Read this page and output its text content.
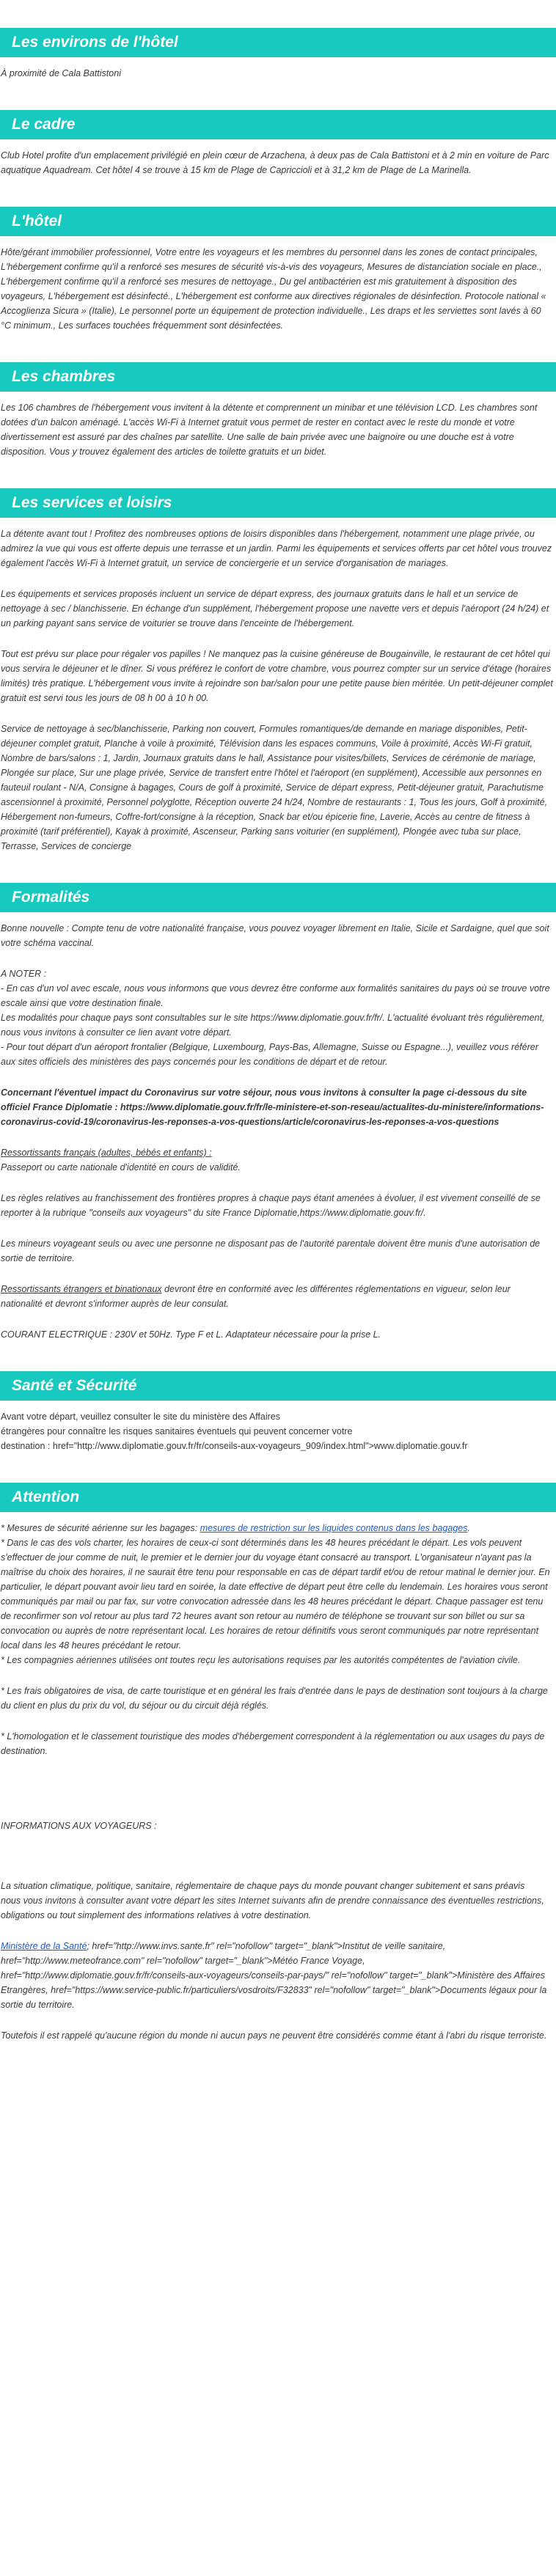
Les environs de l'hôtel

À proximité de Cala Battistoni

Le cadre

Club Hotel profite d'un emplacement privilégié en plein cœur de Arzachena, à deux pas de Cala Battistoni et à 2 min en voiture de Parc aquatique Aquadream. Cet hôtel 4 se trouve à 15 km de Plage de Capriccioli et à 31,2 km de Plage de La Marinella.

L'hôtel

Hôte/gérant immobilier professionnel, Votre entre les voyageurs et les membres du personnel dans les zones de contact principales, L'hébergement confirme qu'il a renforcé ses mesures de sécurité vis-à-vis des voyageurs, Mesures de distanciation sociale en place., L'hébergement confirme qu'il a renforcé ses mesures de nettoyage., Du gel antibactérien est mis gratuitement à disposition des voyageurs, L'hébergement est désinfecté., L'hébergement est conforme aux directives régionales de désinfection. Protocole national « Accoglienza Sicura » (Italie), Le personnel porte un équipement de protection individuelle., Les draps et les serviettes sont lavés à 60 °C minimum., Les surfaces touchées fréquemment sont désinfectées.

Les chambres

Les 106 chambres de l'hébergement vous invitent à la détente et comprennent un minibar et une télévision LCD. Les chambres sont dotées d'un balcon aménagé. L'accès Wi-Fi à Internet gratuit vous permet de rester en contact avec le reste du monde et votre divertissement est assuré par des chaînes par satellite. Une salle de bain privée avec une baignoire ou une douche est à votre disposition. Vous y trouvez également des articles de toilette gratuits et un bidet.

Les services et loisirs

La détente avant tout ! Profitez des nombreuses options de loisirs disponibles dans l'hébergement, notamment une plage privée, ou admirez la vue qui vous est offerte depuis une terrasse et un jardin. Parmi les équipements et services offerts par cet hôtel vous trouvez également l'accès Wi-Fi à Internet gratuit, un service de conciergerie et un service d'organisation de mariages.

Les équipements et services proposés incluent un service de départ express, des journaux gratuits dans le hall et un service de nettoyage à sec / blanchisserie. En échange d'un supplément, l'hébergement propose une navette vers et depuis l'aéroport (24 h/24) et un parking payant sans service de voiturier se trouve dans l'enceinte de l'hébergement.

Tout est prévu sur place pour régaler vos papilles ! Ne manquez pas la cuisine généreuse de Bougainville, le restaurant de cet hôtel qui vous servira le déjeuner et le dîner. Si vous préférez le confort de votre chambre, vous pourrez compter sur un service d'étage (horaires limités) très pratique. L'hébergement vous invite à rejoindre son bar/salon pour une petite pause bien méritée. Un petit-déjeuner complet gratuit est servi tous les jours de 08 h 00 à 10 h 00.

Service de nettoyage à sec/blanchisserie, Parking non couvert, Formules romantiques/de demande en mariage disponibles, Petit-déjeuner complet gratuit, Planche à voile à proximité, Télévision dans les espaces communs, Voile à proximité, Accès Wi-Fi gratuit, Nombre de bars/salons : 1, Jardin, Journaux gratuits dans le hall, Assistance pour visites/billets, Services de cérémonie de mariage, Plongée sur place, Sur une plage privée, Service de transfert entre l'hôtel et l'aéroport (en supplément), Accessible aux personnes en fauteuil roulant - N/A, Consigne à bagages, Cours de golf à proximité, Service de départ express, Petit-déjeuner gratuit, Parachutisme ascensionnel à proximité, Personnel polyglotte, Réception ouverte 24 h/24, Nombre de restaurants : 1, Tous les jours, Golf à proximité, Hébergement non-fumeurs, Coffre-fort/consigne à la réception, Snack bar et/ou épicerie fine, Laverie, Accès au centre de fitness à proximité (tarif préférentiel), Kayak à proximité, Ascenseur, Parking sans voiturier (en supplément), Plongée avec tuba sur place, Terrasse, Services de concierge

Formalités

Bonne nouvelle : Compte tenu de votre nationalité française, vous pouvez voyager librement en Italie, Sicile et Sardaigne, quel que soit votre schéma vaccinal.

A NOTER :
- En cas d'un vol avec escale, nous vous informons que vous devrez être conforme aux formalités sanitaires du pays où se trouve votre escale ainsi que votre destination finale.
Les modalités pour chaque pays sont consultables sur le site https://www.diplomatie.gouv.fr/fr/. L'actualité évoluant très régulièrement, nous vous invitons à consulter ce lien avant votre départ.
- Pour tout départ d'un aéroport frontalier (Belgique, Luxembourg, Pays-Bas, Allemagne, Suisse ou Espagne...), veuillez vous référer aux sites officiels des ministères des pays concernés pour les conditions de départ et de retour.

Concernant l'éventuel impact du Coronavirus sur votre séjour, nous vous invitons à consulter la page ci-dessous du site officiel France Diplomatie : https://www.diplomatie.gouv.fr/fr/le-ministere-et-son-reseau/actualites-du-ministere/informations-coronavirus-covid-19/coronavirus-les-reponses-a-vos-questions/article/coronavirus-les-reponses-a-vos-questions

Ressortissants français (adultes, bébés et enfants) :
Passeport ou carte nationale d'identité en cours de validité.

Les règles relatives au franchissement des frontières propres à chaque pays étant amenées à évoluer, il est vivement conseillé de se reporter à la rubrique "conseils aux voyageurs" du site France Diplomatie,https://www.diplomatie.gouv.fr/.

Les mineurs voyageant seuls ou avec une personne ne disposant pas de l'autorité parentale doivent être munis d'une autorisation de sortie de territoire.

Ressortissants étrangers et binationaux devront être en conformité avec les différentes réglementations en vigueur, selon leur nationalité et devront s'informer auprès de leur consulat.

COURANT ELECTRIQUE : 230V et 50Hz. Type F et L. Adaptateur nécessaire pour la prise L.

Santé et Sécurité

Avant votre départ, veuillez consulter le site du ministère des Affaires
étrangères pour connaître les risques sanitaires éventuels qui peuvent concerner votre
destination : href="http://www.diplomatie.gouv.fr/fr/conseils-aux-voyageurs_909/index.html">www.diplomatie.gouv.fr

Attention

* Mesures de sécurité aérienne sur les bagages: mesures de restriction sur les liquides contenus dans les bagages.
* Dans le cas des vols charter, les horaires de ceux-ci sont déterminés dans les 48 heures précédant le départ. Les vols peuvent s'effectuer de jour comme de nuit, le premier et le dernier jour du voyage étant consacré au transport. L'organisateur n'ayant pas la maîtrise du choix des horaires, il ne saurait être tenu pour responsable en cas de départ tardif et/ou de retour matinal le dernier jour. En particulier, le départ pouvant avoir lieu tard en soirée, la date effective de départ peut être celle du lendemain. Les horaires vous seront communiqués par mail ou par fax, sur votre convocation adressée dans les 48 heures précédant le départ. Chaque passager est tenu de reconfirmer son vol retour au plus tard 72 heures avant son retour au numéro de téléphone se trouvant sur son billet ou sur sa convocation ou auprès de notre représentant local. Les horaires de retour définitifs vous seront communiqués par notre représentant local dans les 48 heures précédant le retour.
* Les compagnies aériennes utilisées ont toutes reçu les autorisations requises par les autorités compétentes de l'aviation civile.

* Les frais obligatoires de visa, de carte touristique et en général les frais d'entrée dans le pays de destination sont toujours à la charge du client en plus du prix du vol, du séjour ou du circuit déjà réglés.

* L'homologation et le classement touristique des modes d'hébergement correspondent à la réglementation ou aux usages du pays de destination.

INFORMATIONS AUX VOYAGEURS :

La situation climatique, politique, sanitaire, réglementaire de chaque pays du monde pouvant changer subitement et sans préavis
nous vous invitons à consulter avant votre départ les sites Internet suivants afin de prendre connaissance des éventuelles restrictions, obligations ou tout simplement des informations relatives à votre destination.

Ministère de la Santé; href="http://www.invs.sante.fr" rel="nofollow" target="_blank">Institut de veille sanitaire, href="http://www.meteofrance.com" rel="nofollow" target="_blank">Météo France Voyage, href="http://www.diplomatie.gouv.fr/fr/conseils-aux-voyageurs/conseils-par-pays/" rel="nofollow" target="_blank">Ministère des Affaires Etrangères, href="https://www.service-public.fr/particuliers/vosdroits/F32833" rel="nofollow" target="_blank">Documents légaux pour la sortie du territoire.

Toutefois il est rappelé qu'aucune région du monde ni aucun pays ne peuvent être considérés comme étant à l'abri du risque terroriste.
